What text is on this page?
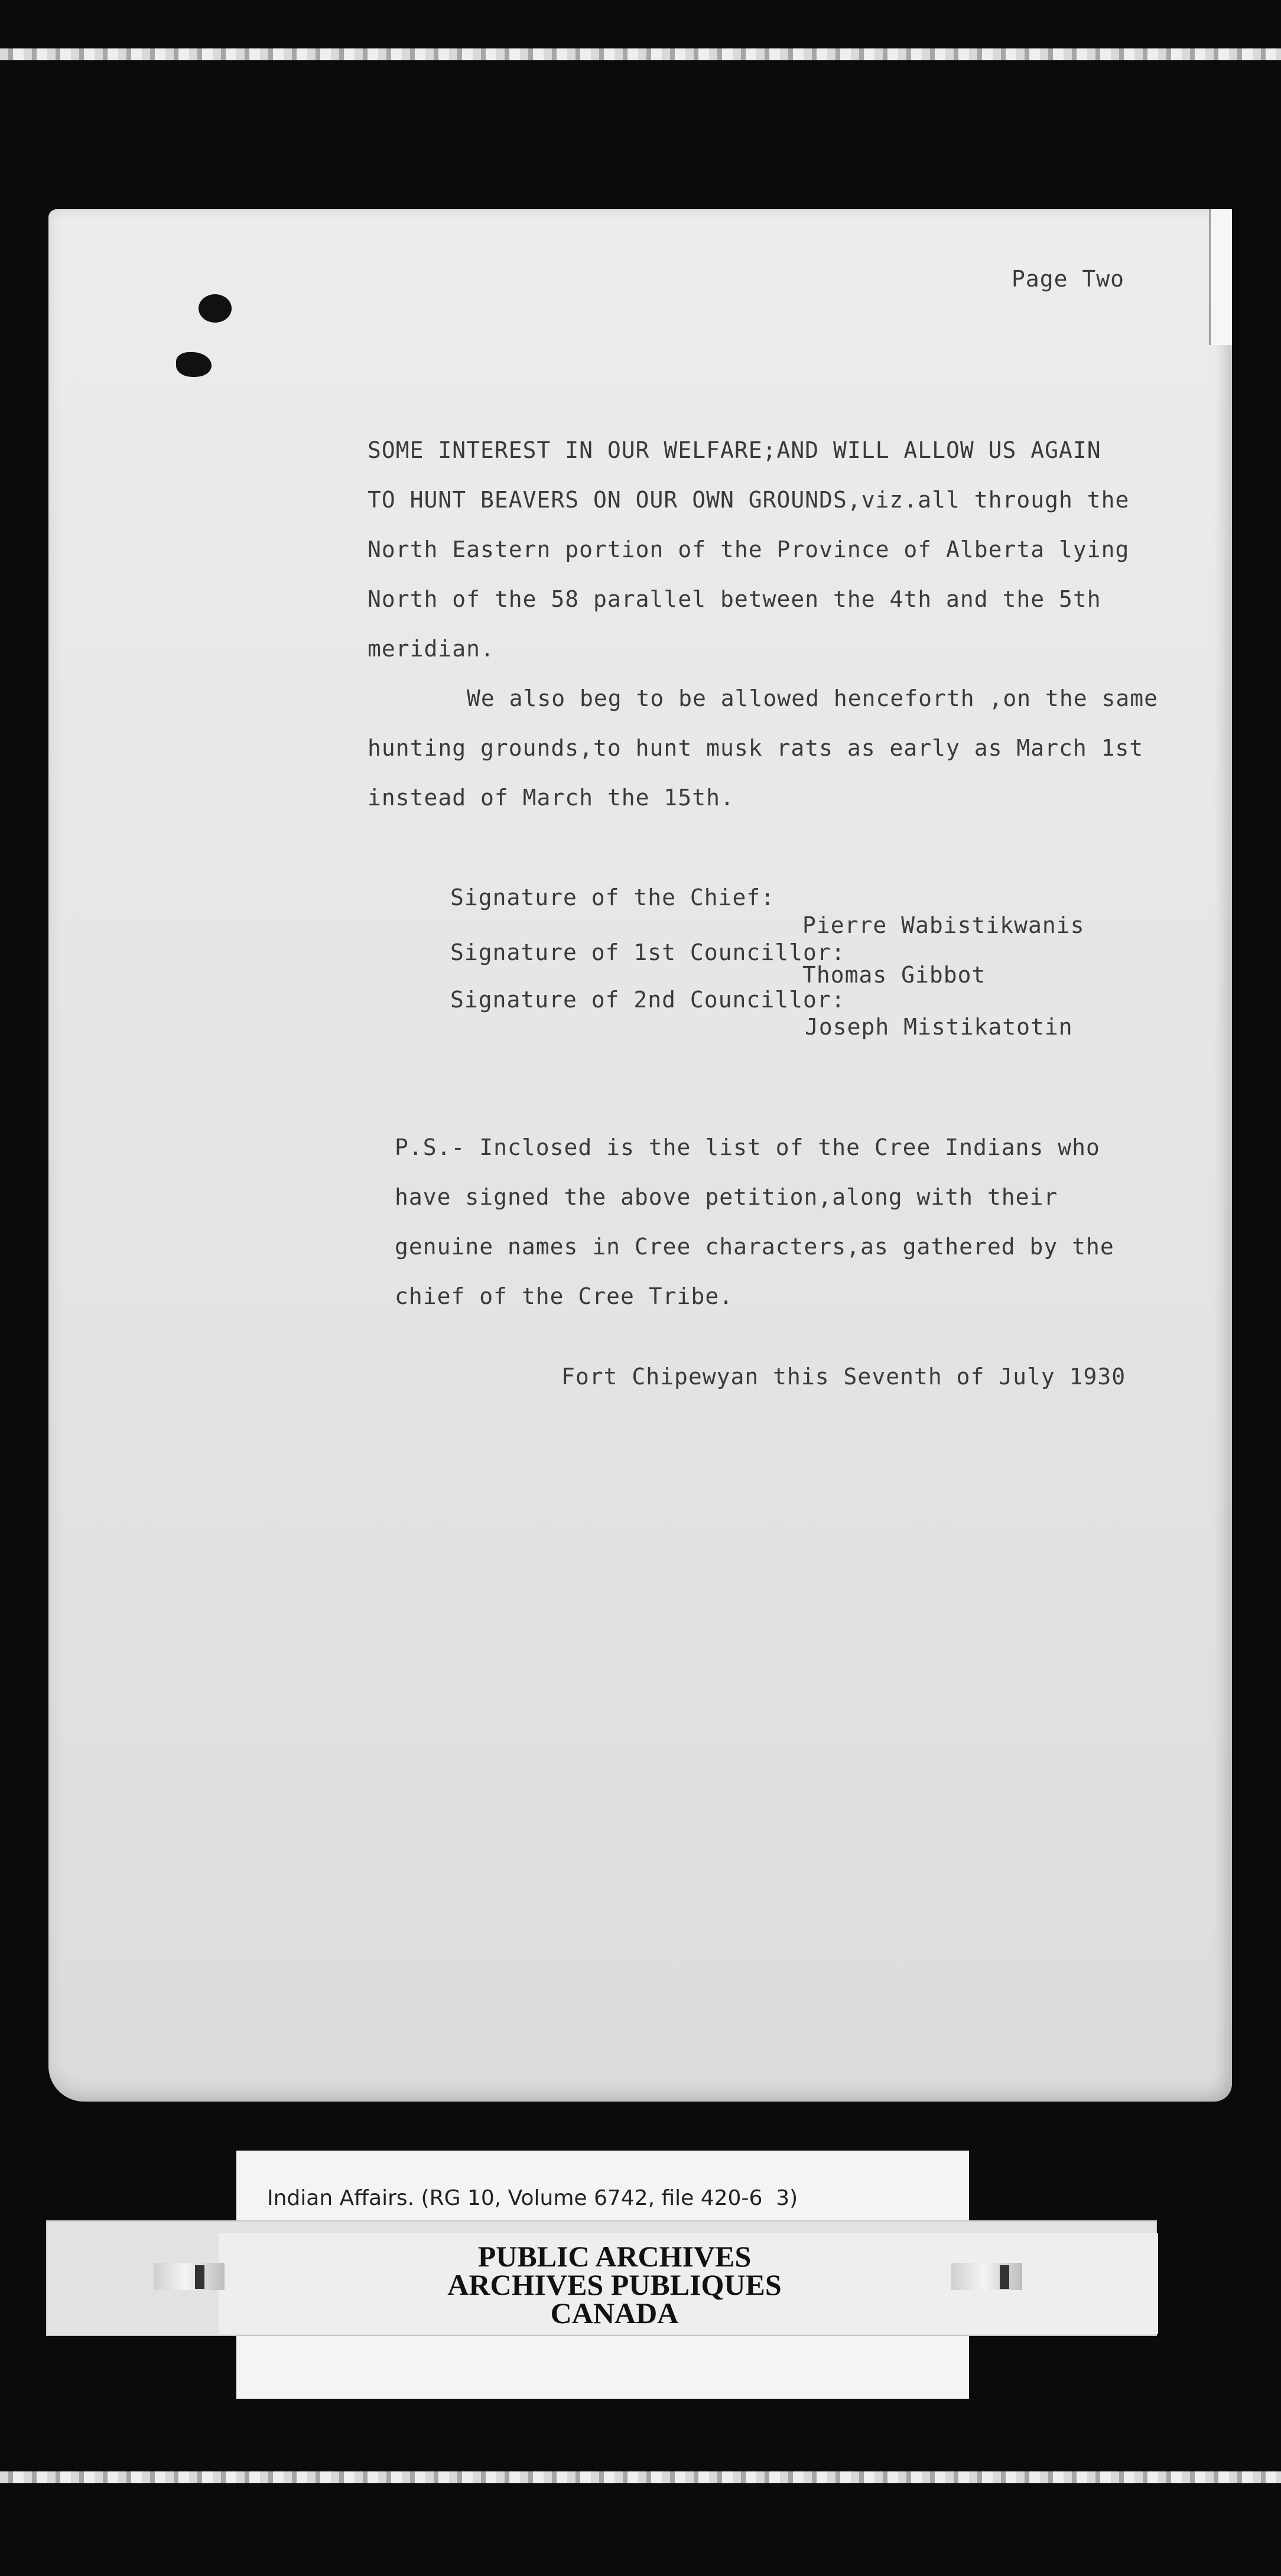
Page Two
SOME INTEREST IN OUR WELFARE;AND WILL ALLOW US AGAIN
TO HUNT BEAVERS ON OUR OWN GROUNDS,viz.all through the
North Eastern portion of the Province of Alberta lying
North of the 58 parallel between the 4th and the 5th
meridian.
We also beg to be allowed henceforth ,on the same
hunting grounds,to hunt musk rats as early as March 1st
instead of March the 15th.
Signature of the Chief:
Pierre Wabistikwanis
Signature of 1st Councillor:
Thomas Gibbot
Signature of 2nd Councillor:
Joseph Mistikatotin
P.S.- Inclosed is the list of the Cree Indians who
have signed the above petition,along with their
genuine names in Cree characters,as gathered by the
chief of the Cree Tribe.
Fort Chipewyan this Seventh of July 1930
Indian Affairs. (RG 10, Volume 6742, file 420-6  3)
PUBLIC ARCHIVES
ARCHIVES PUBLIQUES
CANADA
